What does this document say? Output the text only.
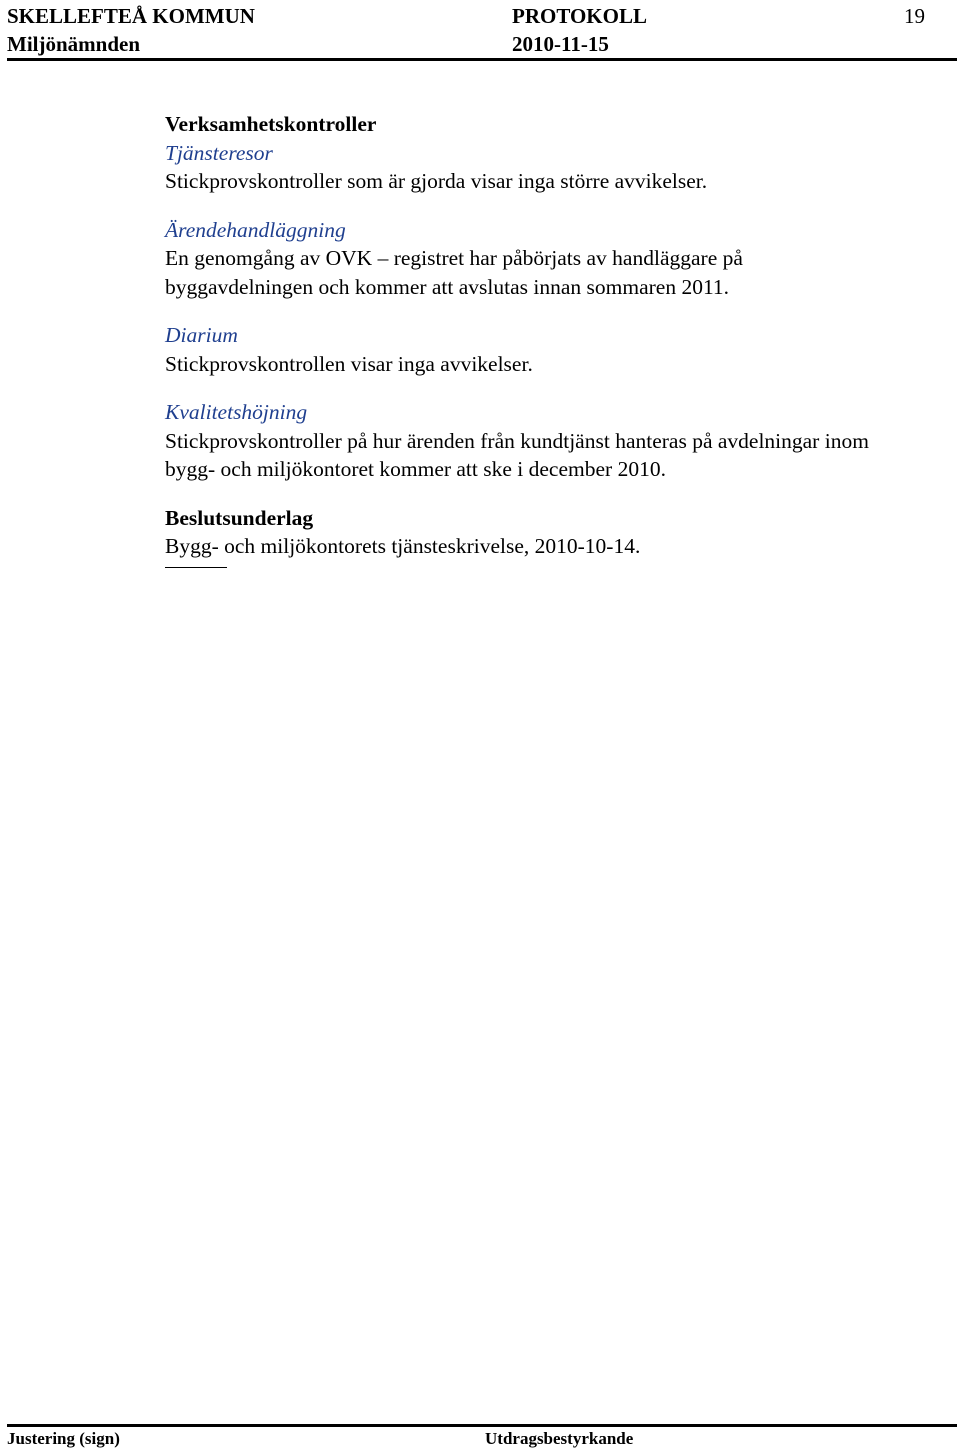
SKELLEFTEÅ KOMMUN
Miljönämnden
PROTOKOLL
2010-11-15
19
Verksamhetskontroller
Tjänsteresor
Stickprovskontroller som är gjorda visar inga större avvikelser.
Ärendehandläggning
En genomgång av OVK – registret har påbörjats av handläggare på byggavdelningen och kommer att avslutas innan sommaren 2011.
Diarium
Stickprovskontrollen visar inga avvikelser.
Kvalitetshöjning
Stickprovskontroller på hur ärenden från kundtjänst hanteras på avdelningar inom bygg- och miljökontoret kommer att ske i december 2010.
Beslutsunderlag
Bygg- och miljökontorets tjänsteskrivelse, 2010-10-14.
Justering (sign)	Utdragsbestyrkande
